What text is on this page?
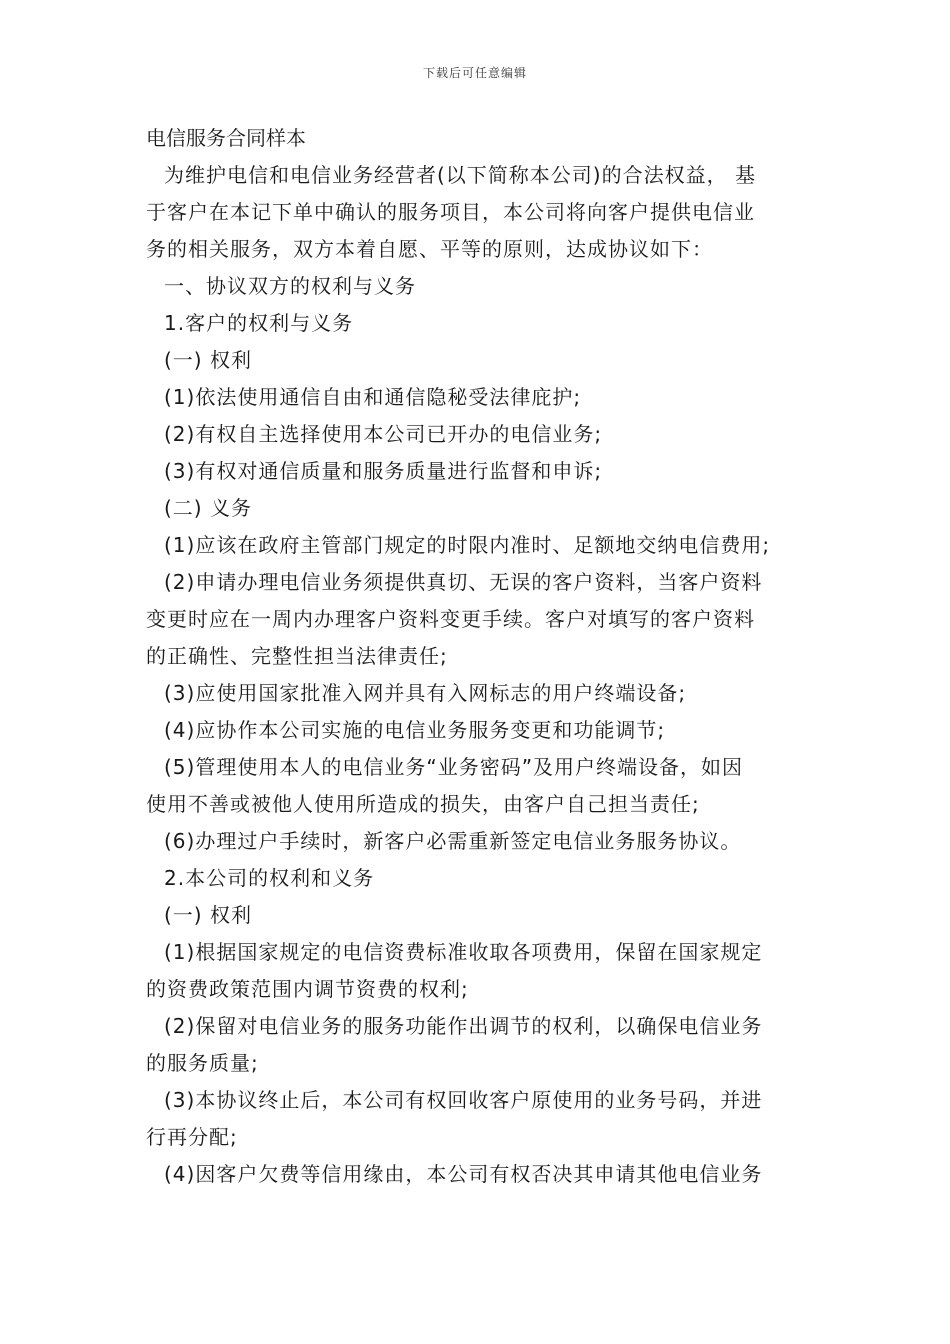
下载后可任意编辑
电信服务合同样本
为维护电信和电信业务经营者(以下简称本公司)的合法权益， 基
于客户在本记下单中确认的服务项目，本公司将向客户提供电信业
务的相关服务，双方本着自愿、平等的原则，达成协议如下：
一、协议双方的权利与义务
1.客户的权利与义务
(一) 权利
(1)依法使用通信自由和通信隐秘受法律庇护;
(2)有权自主选择使用本公司已开办的电信业务;
(3)有权对通信质量和服务质量进行监督和申诉;
(二) 义务
(1)应该在政府主管部门规定的时限内准时、足额地交纳电信费用;
(2)申请办理电信业务须提供真切、无误的客户资料，当客户资料
变更时应在一周内办理客户资料变更手续。客户对填写的客户资料
的正确性、完整性担当法律责任;
(3)应使用国家批准入网并具有入网标志的用户终端设备;
(4)应协作本公司实施的电信业务服务变更和功能调节;
(5)管理使用本人的电信业务“业务密码”及用户终端设备，如因
使用不善或被他人使用所造成的损失，由客户自己担当责任;
(6)办理过户手续时，新客户必需重新签定电信业务服务协议。
2.本公司的权利和义务
(一) 权利
(1)根据国家规定的电信资费标准收取各项费用，保留在国家规定
的资费政策范围内调节资费的权利;
(2)保留对电信业务的服务功能作出调节的权利，以确保电信业务
的服务质量;
(3)本协议终止后，本公司有权回收客户原使用的业务号码，并进
行再分配;
(4)因客户欠费等信用缘由，本公司有权否决其申请其他电信业务
